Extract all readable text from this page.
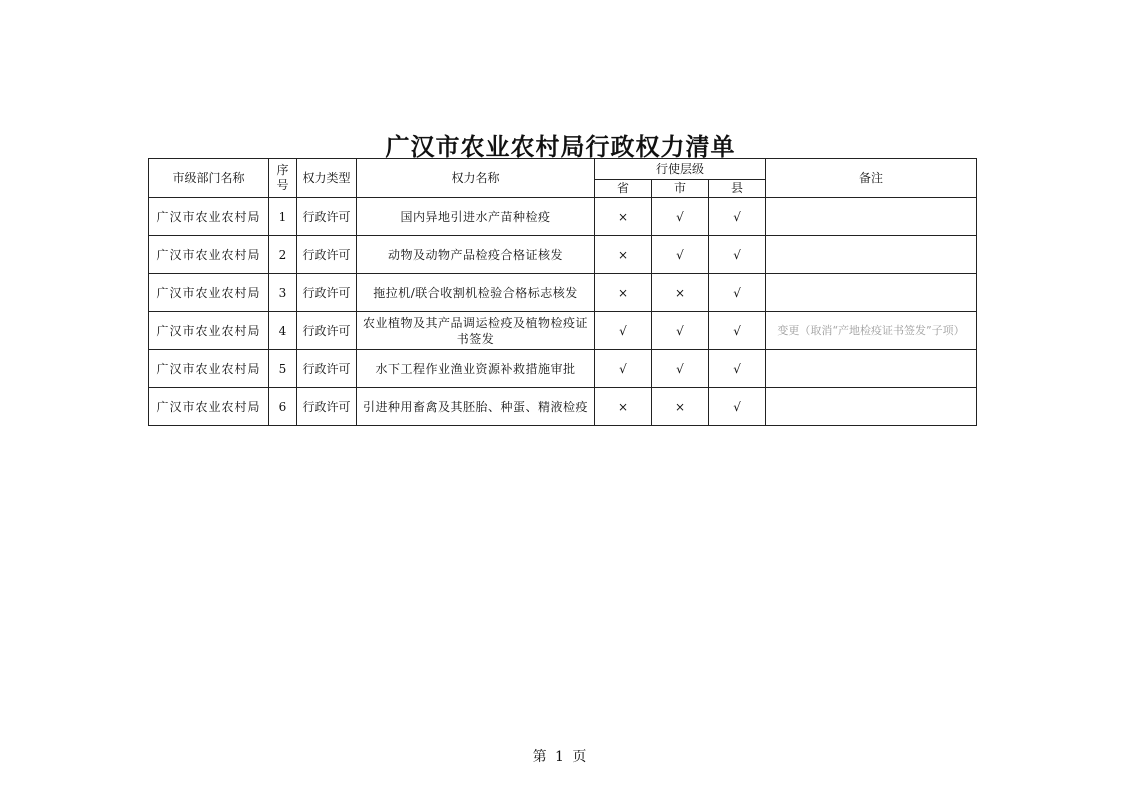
广汉市农业农村局行政权力清单
市级部门名称	序号	权力类型	权力名称	行使层级			备注
				省	市	县	
广汉市农业农村局	1	行政许可	国内异地引进水产苗种检疫	×	√	√	
广汉市农业农村局	2	行政许可	动物及动物产品检疫合格证核发	×	√	√	
广汉市农业农村局	3	行政许可	拖拉机/联合收割机检验合格标志核发	×	×	√	
广汉市农业农村局	4	行政许可	农业植物及其产品调运检疫及植物检疫证书签发	√	√	√	变更（取消“产地检疫证书签发”子项）
广汉市农业农村局	5	行政许可	水下工程作业渔业资源补救措施审批	√	√	√	
广汉市农业农村局	6	行政许可	引进种用畜禽及其胚胎、种蛋、精液检疫	×	×	√	
第 1 页
